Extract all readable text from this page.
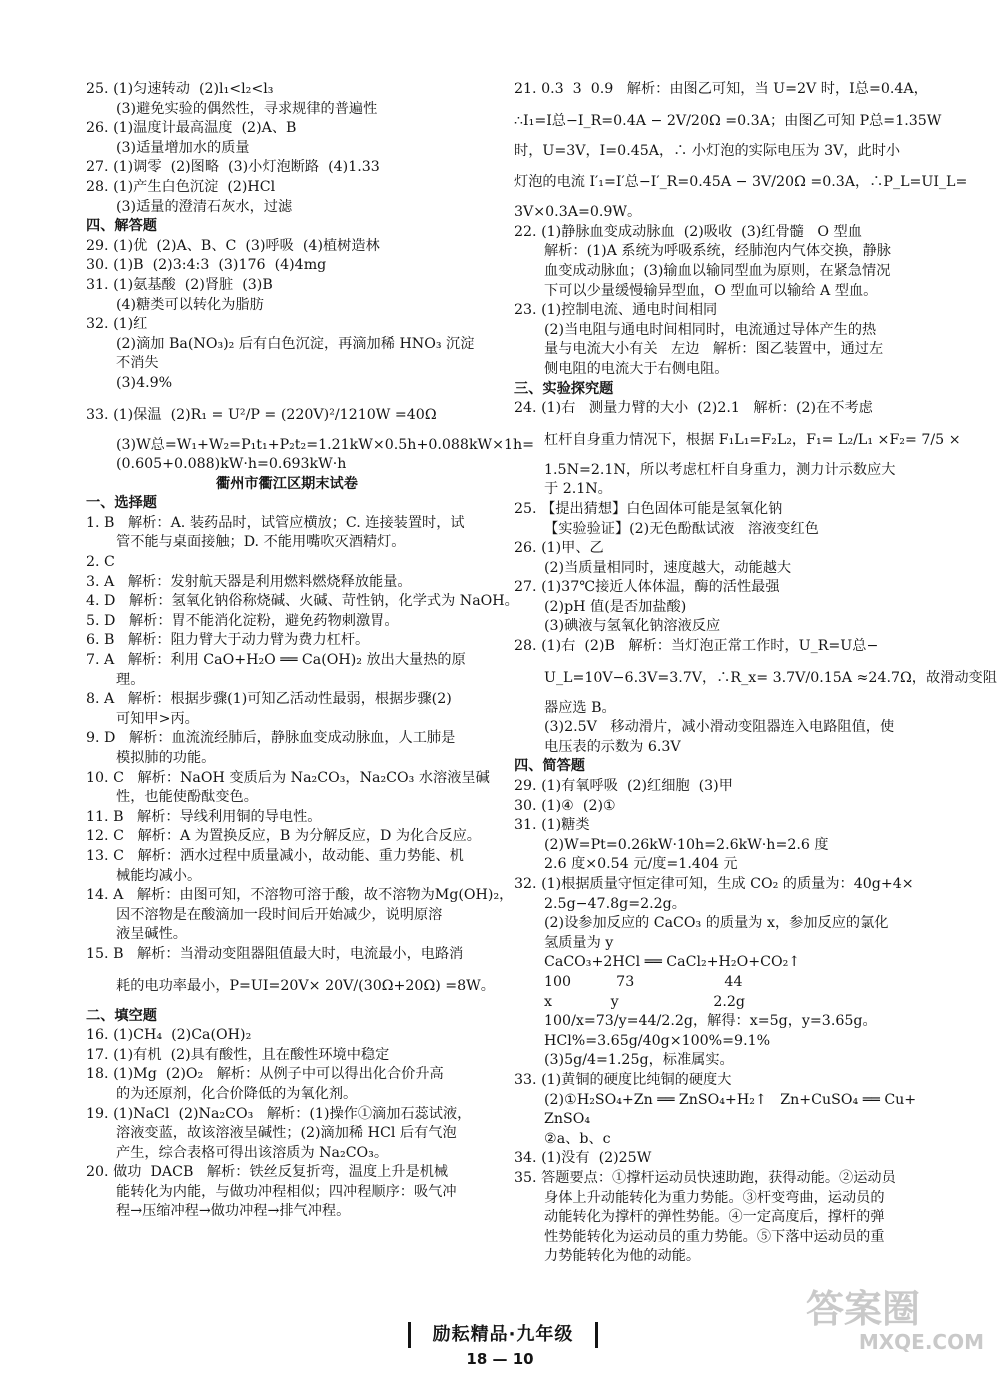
25. (1)匀速转动  (2)l₁<l₂<l₃
(3)避免实验的偶然性，寻求规律的普遍性
26. (1)温度计最高温度  (2)A、B
(3)适量增加水的质量
27. (1)调零  (2)图略  (3)小灯泡断路  (4)1.33
28. (1)产生白色沉淀  (2)HCl
(3)适量的澄清石灰水，过滤
四、解答题
29. (1)优  (2)A、B、C  (3)呼吸  (4)植树造林
30. (1)B  (2)3:4:3  (3)176  (4)4mg
31. (1)氨基酸  (2)肾脏  (3)B
(4)糖类可以转化为脂肪
32. (1)红
(2)滴加 Ba(NO₃)₂ 后有白色沉淀，再滴加稀 HNO₃ 沉淀
不消失
(3)4.9%
33. (1)保温  (2)R₁ = U²/P = (220V)²/1210W =40Ω
(3)W总=W₁+W₂=P₁t₁+P₂t₂=1.21kW×0.5h+0.088kW×1h=
(0.605+0.088)kW·h=0.693kW·h
衢州市衢江区期末试卷
一、选择题
1. B   解析：A. 装药品时，试管应横放；C. 连接装置时，试
管不能与桌面接触；D. 不能用嘴吹灭酒精灯。
2. C
3. A   解析：发射航天器是利用燃料燃烧释放能量。
4. D   解析：氢氧化钠俗称烧碱、火碱、苛性钠，化学式为 NaOH。
5. D   解析：胃不能消化淀粉，避免药物刺激胃。
6. B   解析：阻力臂大于动力臂为费力杠杆。
7. A   解析：利用 CaO+H₂O ══ Ca(OH)₂ 放出大量热的原
理。
8. A   解析：根据步骤(1)可知乙活动性最弱，根据步骤(2)
可知甲>丙。
9. D   解析：血流流经肺后，静脉血变成动脉血，人工肺是
模拟肺的功能。
10. C   解析：NaOH 变质后为 Na₂CO₃，Na₂CO₃ 水溶液呈碱
性，也能使酚酞变色。
11. B   解析：导线利用铜的导电性。
12. C   解析：A 为置换反应，B 为分解反应，D 为化合反应。
13. C   解析：洒水过程中质量减小，故动能、重力势能、机
械能均减小。
14. A   解析：由图可知，不溶物可溶于酸，故不溶物为Mg(OH)₂，
因不溶物是在酸滴加一段时间后开始减少，说明原溶
液呈碱性。
15. B   解析：当滑动变阻器阻值最大时，电流最小，电路消
耗的电功率最小，P=UI=20V× 20V/(30Ω+20Ω) =8W。
二、填空题
16. (1)CH₄  (2)Ca(OH)₂
17. (1)有机  (2)具有酸性，且在酸性环境中稳定
18. (1)Mg  (2)O₂   解析：从例子中可以得出化合价升高
的为还原剂，化合价降低的为氧化剂。
19. (1)NaCl  (2)Na₂CO₃   解析：(1)操作①滴加石蕊试液，
溶液变蓝，故该溶液呈碱性；(2)滴加稀 HCl 后有气泡
产生，综合表格可得出该溶质为 Na₂CO₃。
20. 做功  DACB   解析：铁丝反复折弯，温度上升是机械
能转化为内能，与做功冲程相似；四冲程顺序：吸气冲
程→压缩冲程→做功冲程→排气冲程。
21. 0.3  3  0.9   解析：由图乙可知，当 U=2V 时，I总=0.4A，
∴I₁=I总−I_R=0.4A − 2V/20Ω =0.3A；由图乙可知 P总=1.35W
时，U=3V，I=0.45A，∴ 小灯泡的实际电压为 3V，此时小
灯泡的电流 I′₁=I′总−I′_R=0.45A − 3V/20Ω =0.3A，∴P_L=UI_L=
3V×0.3A=0.9W。
22. (1)静脉血变成动脉血  (2)吸收  (3)红骨髓   O 型血
解析：(1)A 系统为呼吸系统，经肺泡内气体交换，静脉
血变成动脉血；(3)输血以输同型血为原则，在紧急情况
下可以少量缓慢输异型血，O 型血可以输给 A 型血。
23. (1)控制电流、通电时间相同
(2)当电阻与通电时间相同时，电流通过导体产生的热
量与电流大小有关   左边   解析：图乙装置中，通过左
侧电阻的电流大于右侧电阻。
三、实验探究题
24. (1)右   测量力臂的大小  (2)2.1   解析：(2)在不考虑
杠杆自身重力情况下，根据 F₁L₁=F₂L₂，F₁= L₂/L₁ ×F₂= 7/5 ×
1.5N=2.1N，所以考虑杠杆自身重力，测力计示数应大
于 2.1N。
25. 【提出猜想】白色固体可能是氢氧化钠
【实验验证】(2)无色酚酞试液   溶液变红色
26. (1)甲、乙
(2)当质量相同时，速度越大，动能越大
27. (1)37℃接近人体体温，酶的活性最强
(2)pH 值(是否加盐酸)
(3)碘液与氢氧化钠溶液反应
28. (1)右  (2)B   解析：当灯泡正常工作时，U_R=U总−
U_L=10V−6.3V=3.7V，∴R_x= 3.7V/0.15A ≈24.7Ω，故滑动变阻
器应选 B。
(3)2.5V   移动滑片，减小滑动变阻器连入电路阻值，使
电压表的示数为 6.3V
四、简答题
29. (1)有氧呼吸  (2)红细胞  (3)甲
30. (1)④  (2)①
31. (1)糖类
(2)W=Pt=0.26kW·10h=2.6kW·h=2.6 度
2.6 度×0.54 元/度=1.404 元
32. (1)根据质量守恒定律可知，生成 CO₂ 的质量为：40g+4×
2.5g−47.8g=2.2g。
(2)设参加反应的 CaCO₃ 的质量为 x，参加反应的氯化
氢质量为 y
CaCO₃+2HCl ══ CaCl₂+H₂O+CO₂↑
100          73                    44
x             y                     2.2g
100/x=73/y=44/2.2g，解得：x=5g，y=3.65g。
HCl%=3.65g/40g×100%=9.1%
(3)5g/4=1.25g，标准属实。
33. (1)黄铜的硬度比纯铜的硬度大
(2)①H₂SO₄+Zn ══ ZnSO₄+H₂↑   Zn+CuSO₄ ══ Cu+
ZnSO₄
②a、b、c
34. (1)没有  (2)25W
35. 答题要点：①撑杆运动员快速助跑，获得动能。②运动员
身体上升动能转化为重力势能。③杆变弯曲，运动员的
动能转化为撑杆的弹性势能。④一定高度后，撑杆的弹
性势能转化为运动员的重力势能。⑤下落中运动员的重
力势能转化为他的动能。
励耘精品·九年级
18 — 10
答案圈
MXQE.COM
